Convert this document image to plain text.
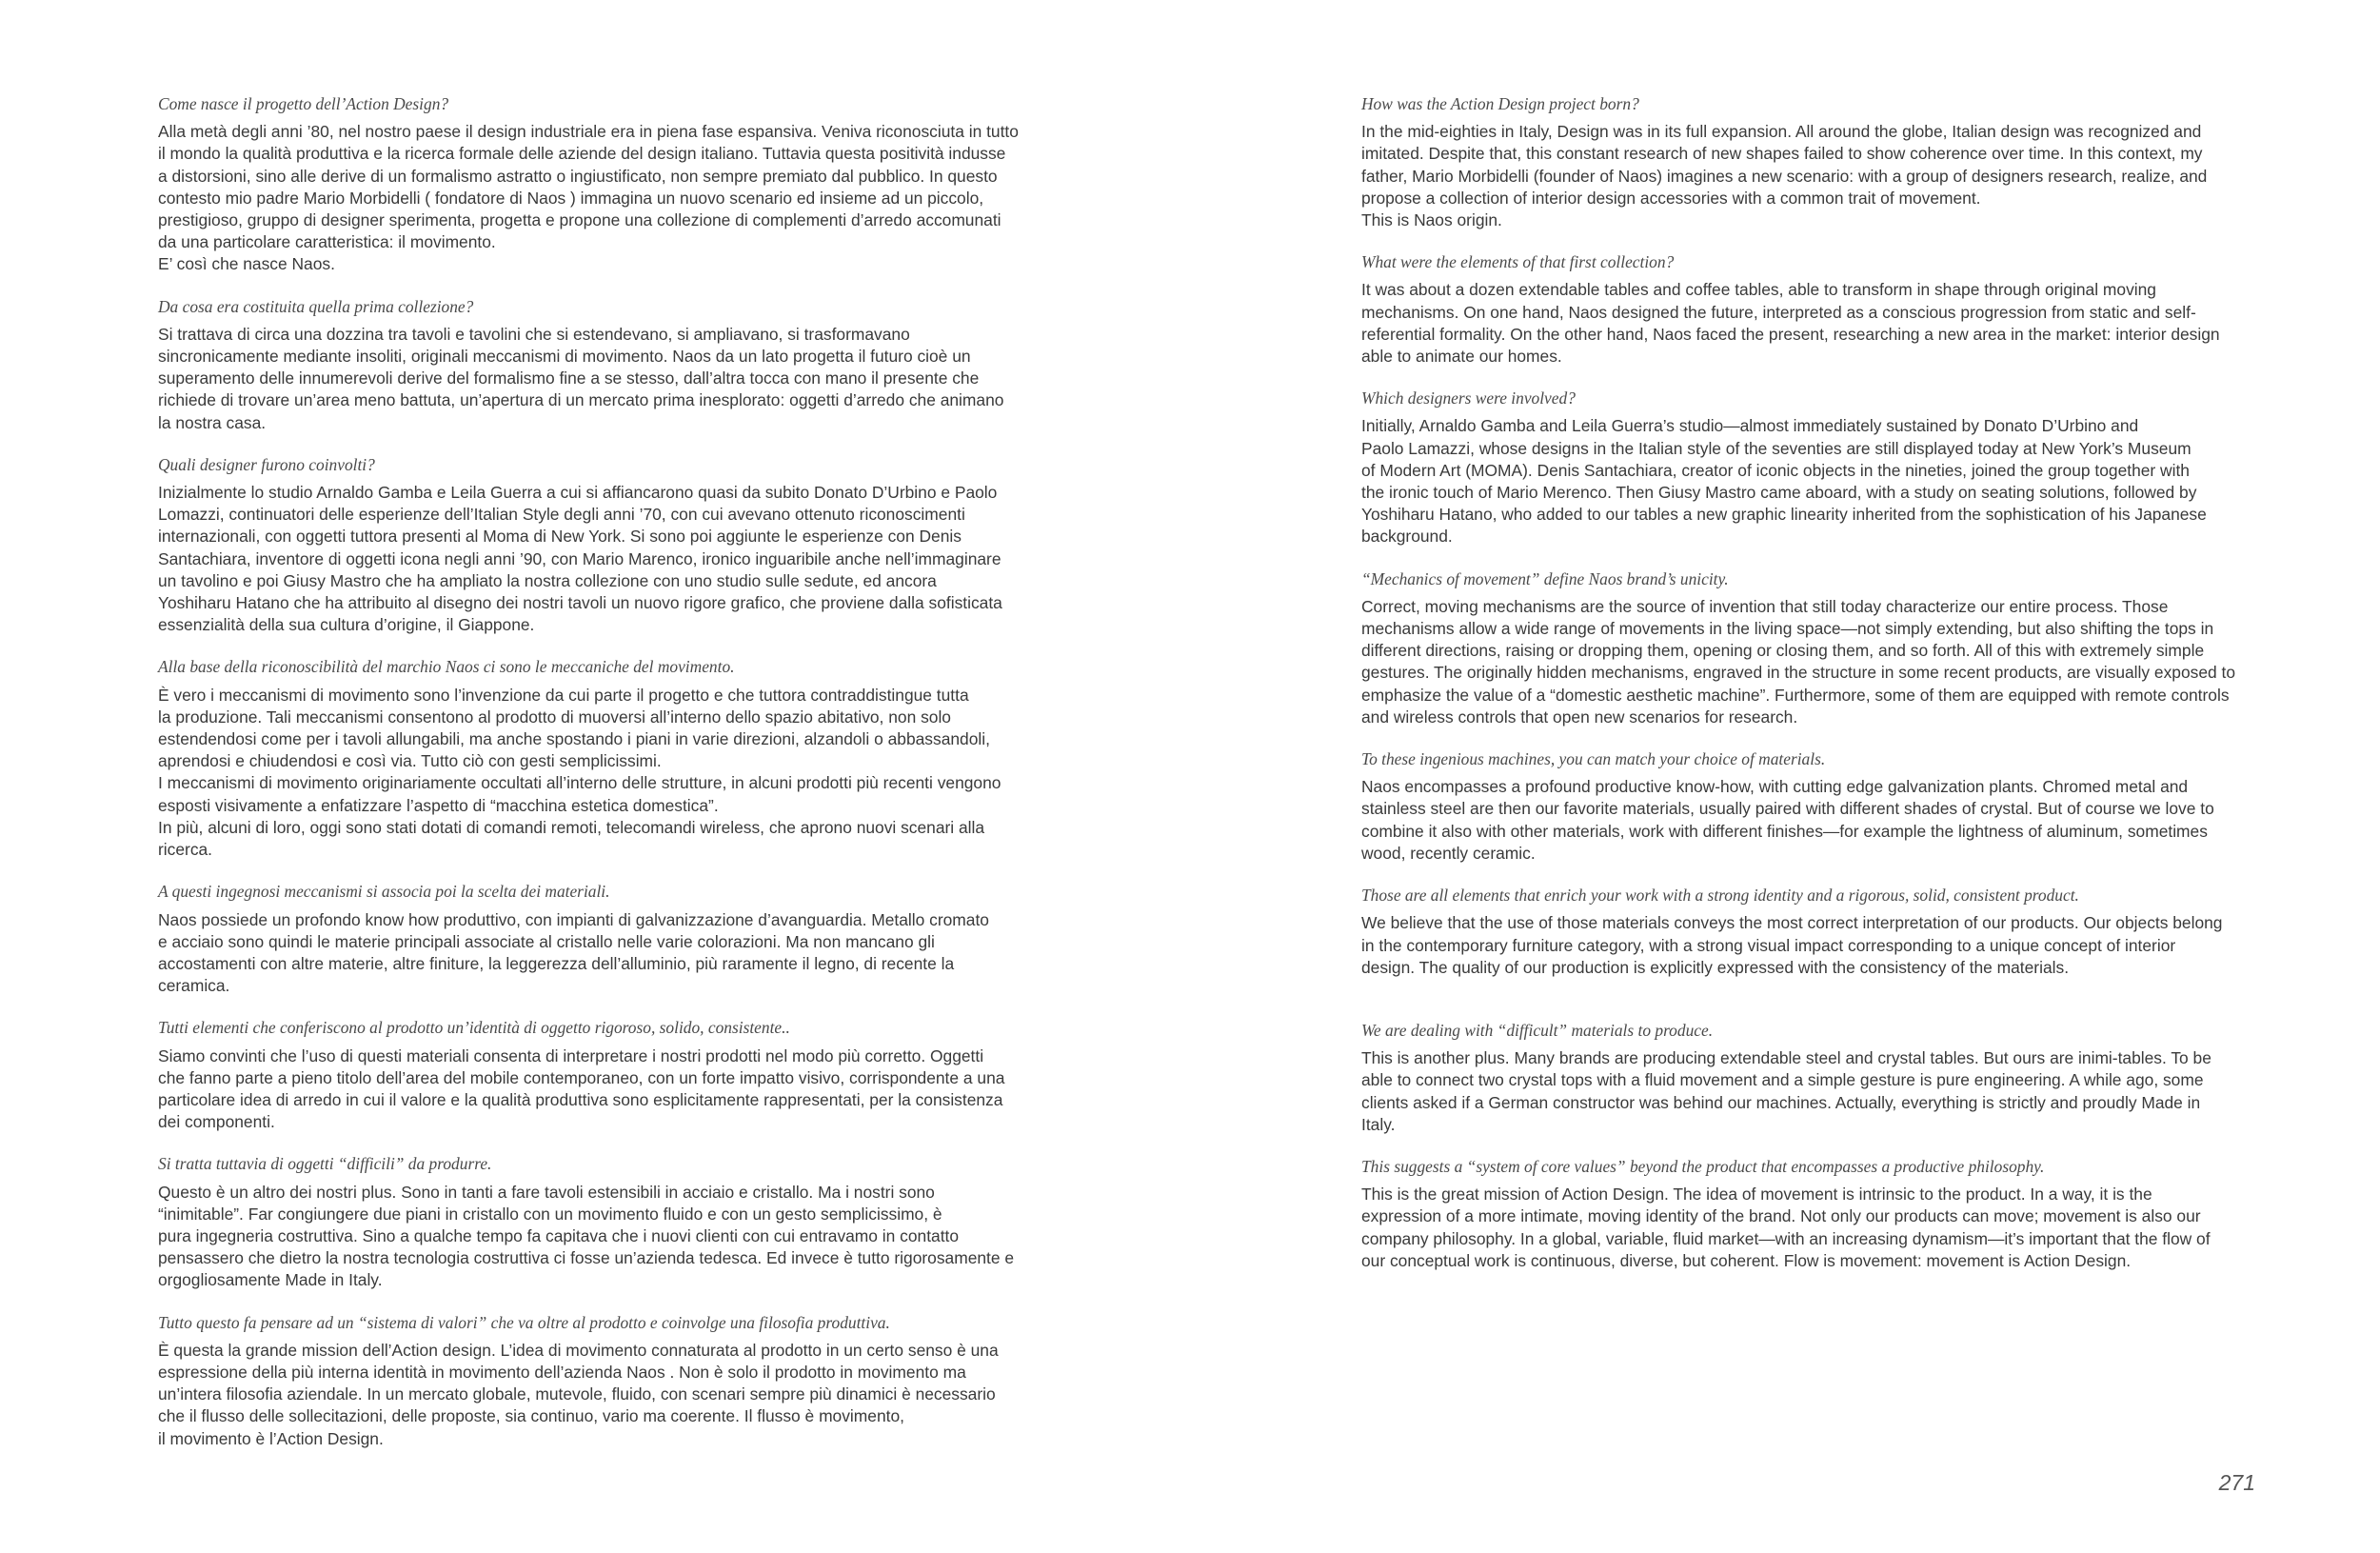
Come nasce il progetto dell’Action Design?

Alla metà degli anni ’80, nel nostro paese il design industriale era in piena fase espansiva. Veniva riconosciuta in tutto
il mondo la qualità produttiva e la ricerca formale delle aziende del design italiano. Tuttavia questa positività indusse
a distorsioni, sino alle derive di un formalismo astratto o ingiustificato, non sempre premiato dal pubblico. In questo
contesto mio padre Mario Morbidelli ( fondatore di Naos ) immagina un nuovo scenario ed insieme ad un piccolo,
prestigioso, gruppo di designer sperimenta, progetta e propone una collezione di complementi d’arredo accomunati
da una particolare caratteristica: il movimento.
E’ così che nasce Naos.

Da cosa era costituita quella prima collezione?

Si trattava di circa una dozzina tra tavoli e tavolini che si estendevano, si ampliavano, si trasformavano
sincronicamente mediante insoliti, originali meccanismi di movimento. Naos da un lato progetta il futuro cioè un
superamento delle innumerevoli derive del formalismo fine a se stesso, dall’altra tocca con mano il presente che
richiede di trovare un’area meno battuta, un’apertura di un mercato prima inesplorato: oggetti d’arredo che animano
la nostra casa.

Quali designer furono coinvolti?

Inizialmente lo studio Arnaldo Gamba e Leila Guerra a cui si affiancarono quasi da subito Donato D’Urbino e Paolo
Lomazzi, continuatori delle esperienze dell’Italian Style degli anni ’70, con cui avevano ottenuto riconoscimenti
internazionali, con oggetti tuttora presenti al Moma di New York. Si sono poi aggiunte le esperienze con Denis
Santachiara, inventore di oggetti icona negli anni ’90, con Mario Marenco, ironico inguaribile anche nell’immaginare
un tavolino e poi Giusy Mastro che ha ampliato la nostra collezione con uno studio sulle sedute, ed ancora
Yoshiharu Hatano che ha attribuito al disegno dei nostri tavoli un nuovo rigore grafico, che proviene dalla sofisticata
essenzialità della sua cultura d’origine, il Giappone.

Alla base della riconoscibilità del marchio Naos ci sono le meccaniche del movimento.

È vero i meccanismi di movimento sono l’invenzione da cui parte il progetto e che tuttora contraddistingue tutta
la produzione. Tali meccanismi consentono al prodotto di muoversi all’interno dello spazio abitativo, non solo
estendendosi come per i tavoli allungabili, ma anche spostando i piani in varie direzioni, alzandoli o abbassandoli,
aprendosi e chiudendosi e così via. Tutto ciò con gesti semplicissimi.
I meccanismi di movimento originariamente occultati all’interno delle strutture, in alcuni prodotti più recenti vengono
esposti visivamente a enfatizzare l’aspetto di “macchina estetica domestica”.
In più, alcuni di loro, oggi sono stati dotati di comandi remoti, telecomandi wireless, che aprono nuovi scenari alla
ricerca.

A questi ingegnosi meccanismi si associa poi la scelta dei materiali.

Naos possiede un profondo know how produttivo, con impianti di galvanizzazione d’avanguardia. Metallo cromato
e acciaio sono quindi le materie principali associate al cristallo nelle varie colorazioni. Ma non mancano gli
accostamenti con altre materie, altre finiture, la leggerezza dell’alluminio, più raramente il legno, di recente la
ceramica.

Tutti elementi che conferiscono al prodotto un’identità di oggetto rigoroso, solido, consistente..

Siamo convinti che l’uso di questi materiali consenta di interpretare i nostri prodotti nel modo più corretto. Oggetti
che fanno parte a pieno titolo dell’area del mobile contemporaneo, con un forte impatto visivo, corrispondente a una
particolare idea di arredo in cui il valore e la qualità produttiva sono esplicitamente rappresentati, per la consistenza
dei componenti.

Si tratta tuttavia di oggetti “difficili” da produrre.

Questo è un altro dei nostri plus. Sono in tanti a fare tavoli estensibili in acciaio e cristallo. Ma i nostri sono
“inimitable”. Far congiungere due piani in cristallo con un movimento fluido e con un gesto semplicissimo, è
pura ingegneria costruttiva. Sino a qualche tempo fa capitava che i nuovi clienti con cui entravamo in contatto
pensassero che dietro la nostra tecnologia costruttiva ci fosse un’azienda tedesca. Ed invece è tutto rigorosamente e
orgogliosamente Made in Italy.

Tutto questo fa pensare ad un “sistema di valori” che va oltre al prodotto e coinvolge una filosofia produttiva.

È questa la grande mission dell’Action design. L’idea di movimento connaturata al prodotto in un certo senso è una
espressione della più interna identità in movimento dell’azienda Naos . Non è solo il prodotto in movimento ma
un’intera filosofia aziendale. In un mercato globale, mutevole, fluido, con scenari sempre più dinamici è necessario
che il flusso delle sollecitazioni, delle proposte, sia continuo, vario ma coerente. Il flusso è movimento,
il movimento è l’Action Design.

How was the Action Design project born?

In the mid-eighties in Italy, Design was in its full expansion. All around the globe, Italian design was recognized and
imitated. Despite that, this constant research of new shapes failed to show coherence over time. In this context, my
father, Mario Morbidelli (founder of Naos) imagines a new scenario: with a group of designers research, realize, and
propose a collection of interior design accessories with a common trait of movement.
This is Naos origin.

What were the elements of that first collection?

It was about a dozen extendable tables and coffee tables, able to transform in shape through original moving
mechanisms. On one hand, Naos designed the future, interpreted as a conscious progression from static and self-
referential formality. On the other hand, Naos faced the present, researching a new area in the market: interior design
able to animate our homes.

Which designers were involved?

Initially, Arnaldo Gamba and Leila Guerra’s studio—almost immediately sustained by Donato D’Urbino and
Paolo Lamazzi, whose designs in the Italian style of the seventies are still displayed today at New York’s Museum
of Modern Art (MOMA). Denis Santachiara, creator of iconic objects in the nineties, joined the group together with
the ironic touch of Mario Merenco. Then Giusy Mastro came aboard, with a study on seating solutions, followed by
Yoshiharu Hatano, who added to our tables a new graphic linearity inherited from the sophistication of his Japanese
background.

“Mechanics of movement” define Naos brand’s unicity.

Correct, moving mechanisms are the source of invention that still today characterize our entire process. Those
mechanisms allow a wide range of movements in the living space—not simply extending, but also shifting the tops in
different directions, raising or dropping them, opening or closing them, and so forth. All of this with extremely simple
gestures. The originally hidden mechanisms, engraved in the structure in some recent products, are visually exposed to
emphasize the value of a “domestic aesthetic machine”. Furthermore, some of them are equipped with remote controls
and wireless controls that open new scenarios for research.

To these ingenious machines, you can match your choice of materials.

Naos encompasses a profound productive know-how, with cutting edge galvanization plants. Chromed metal and
stainless steel are then our favorite materials, usually paired with different shades of crystal. But of course we love to
combine it also with other materials, work with different finishes—for example the lightness of aluminum, sometimes
wood, recently ceramic.

Those are all elements that enrich your work with a strong identity and a rigorous, solid, consistent product.

We believe that the use of those materials conveys the most correct interpretation of our products. Our objects belong
in the contemporary furniture category, with a strong visual impact corresponding to a unique concept of interior
design. The quality of our production is explicitly expressed with the consistency of the materials.

We are dealing with “difficult” materials to produce.

This is another plus. Many brands are producing extendable steel and crystal tables. But ours are inimi-tables. To be
able to connect two crystal tops with a fluid movement and a simple gesture is pure engineering. A while ago, some
clients asked if a German constructor was behind our machines. Actually, everything is strictly and proudly Made in
Italy.

This suggests a “system of core values” beyond the product that encompasses a productive philosophy.

This is the great mission of Action Design. The idea of movement is intrinsic to the product. In a way, it is the
expression of a more intimate, moving identity of the brand. Not only our products can move; movement is also our
company philosophy. In a global, variable, fluid market—with an increasing dynamism—it’s important that the flow of
our conceptual work is continuous, diverse, but coherent. Flow is movement: movement is Action Design.

271
